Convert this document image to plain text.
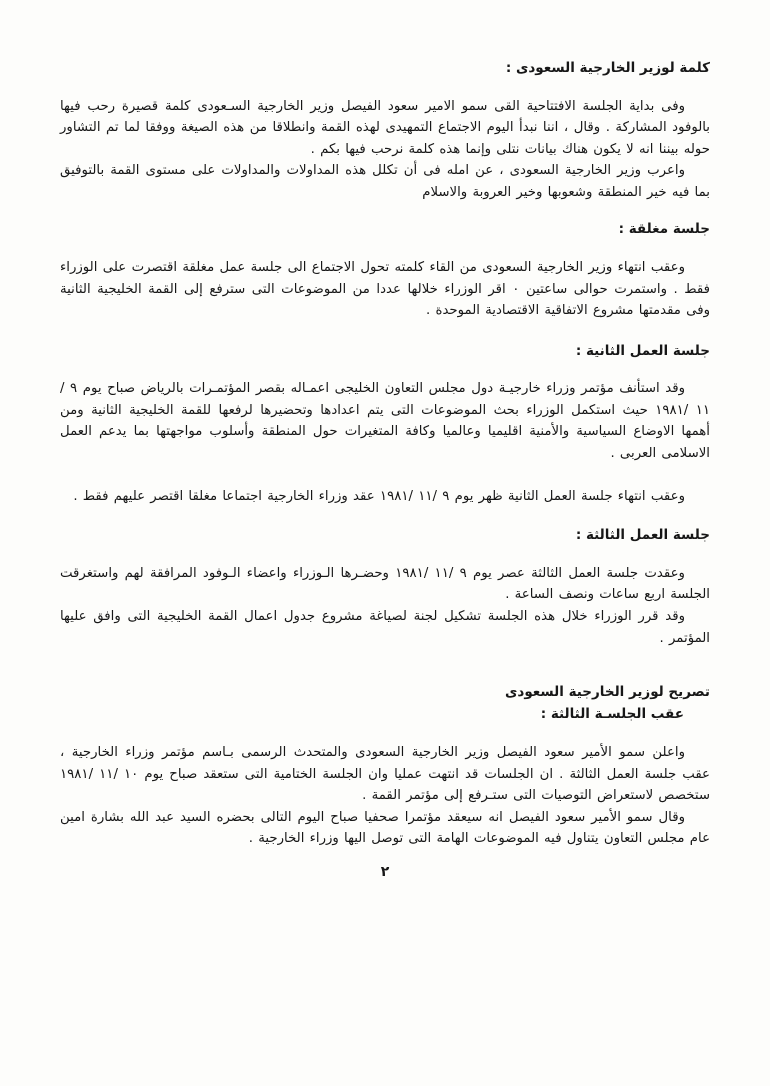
كلمة لوزير الخارجية السعودى :

وفى بداية الجلسة الافتتاحية القى سمو الامير سعود الفيصل وزير الخارجية السـعودى كلمة قصيرة رحب فيها بالوفود المشاركة . وقال ، اننا نبدأ اليوم الاجتماع التمهيدى لهذه القمة وانطلاقا من هذه الصيغة ووفقا لما تم التشاور حوله بيننا انه لا يكون هناك بيانات نتلى وإنما هذه كلمة نرحب فيها بكم .

واعرب وزير الخارجية السعودى ، عن امله فى أن تكلل هذه المداولات والمداولات على مستوى القمة بالتوفيق بما فيه خير المنطقة وشعوبها وخير العروبة والاسلام

جلسة مغلقة :

وعقب انتهاء وزير الخارجية السعودى من القاء كلمته تحول الاجتماع الى جلسة عمل مغلقة اقتصرت على الوزراء فقط . واستمرت حوالى ساعتين ٠ اقر الوزراء خلالها عددا من الموضوعات التى سترفع إلى القمة الخليجية الثانية وفى مقدمتها مشروع الاتفاقية الاقتصادية الموحدة .

جلسة العمل الثانية :

وقد استأنف مؤتمر وزراء خارجيـة دول مجلس التعاون الخليجى اعمـاله بقصر المؤتمـرات بالرياض صباح يوم ٩ /١١ /١٩٨١ حيث استكمل الوزراء بحث الموضوعات التى يتم اعدادها وتحضيرها لرفعها للقمة الخليجية الثانية ومن أهمها الاوضاع السياسية والأمنية اقليميا وعالميا وكافة المتغيرات حول المنطقة وأسلوب مواجهتها بما يدعم العمل الاسلامى العربى .

وعقب انتهاء جلسة العمل الثانية ظهر يوم ٩ /١١ /١٩٨١ عقد وزراء الخارجية اجتماعا مغلقا اقتصر عليهم فقط .

جلسة العمل الثالثة :

وعقدت جلسة العمل الثالثة عصر يوم ٩ /١١ /١٩٨١ وحضـرها الـوزراء واعضاء الـوفود المرافقة لهم واستغرقت الجلسة اربع ساعات ونصف الساعة .

وقد قرر الوزراء خلال هذه الجلسة تشكيل لجنة لصياغة مشروع جدول اعمال القمة الخليجية التى وافق عليها المؤتمر .

تصريح لوزير الخارجية السعودى
عقب الجلسـة الثالثة :

واعلن سمو الأمير سعود الفيصل وزير الخارجية السعودى والمتحدث الرسمى بـاسم مؤتمر وزراء الخارجية ، عقب جلسة العمل الثالثة . ان الجلسات قد انتهت عمليا وان الجلسة الختامية التى ستعقد صباح يوم ١٠ /١١ /١٩٨١ ستخصص لاستعراض التوصيات التى ستـرفع إلى مؤتمر القمة .

وقال سمو الأمير سعود الفيصل انه سيعقد مؤتمرا صحفيا صباح اليوم التالى بحضره السيد عبد الله بشارة امين عام مجلس التعاون يتناول فيه الموضوعات الهامة التى توصل اليها وزراء الخارجية .

٢
